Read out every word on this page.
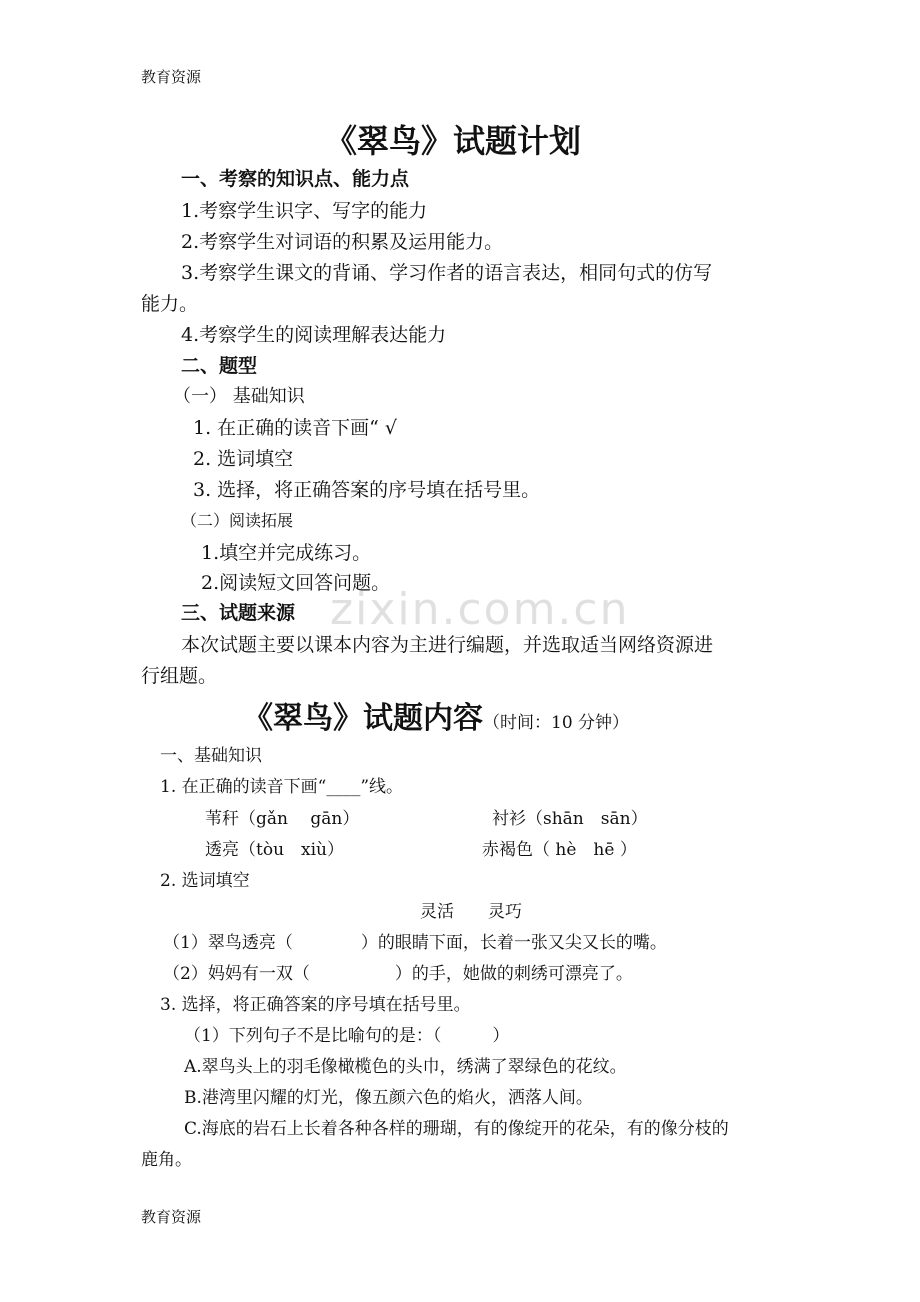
教育资源
《翠鸟》试题计划
一、考察的知识点、能力点
1.考察学生识字、写字的能力
2.考察学生对词语的积累及运用能力。
3.考察学生课文的背诵、学习作者的语言表达，相同句式的仿写
能力。
4.考察学生的阅读理解表达能力
二、题型
（一） 基础知识
1. 在正确的读音下画“ √
2. 选词填空
3. 选择，将正确答案的序号填在括号里。
（二）阅读拓展
1.填空并完成练习。
2.阅读短文回答问题。
zixin.com.cn
三、试题来源
本次试题主要以课本内容为主进行编题，并选取适当网络资源进
行组题。
《翠鸟》试题内容（时间：10 分钟）
一、基础知识
1. 在正确的读音下画“____”线。
苇秆（gǎn　 gān）	衬衫（shān　sān）
透亮（tòu　xiù）	赤褐色（ hè　hē ）
2. 选词填空
灵活　　灵巧
（1）翠鸟透亮（　　　　）的眼睛下面，长着一张又尖又长的嘴。
（2）妈妈有一双（　　　　　）的手，她做的刺绣可漂亮了。
3. 选择，将正确答案的序号填在括号里。
（1）下列句子不是比喻句的是：（　　　）
A.翠鸟头上的羽毛像橄榄色的头巾，绣满了翠绿色的花纹。
B.港湾里闪耀的灯光，像五颜六色的焰火，洒落人间。
C.海底的岩石上长着各种各样的珊瑚，有的像绽开的花朵，有的像分枝的
鹿角。
教育资源
